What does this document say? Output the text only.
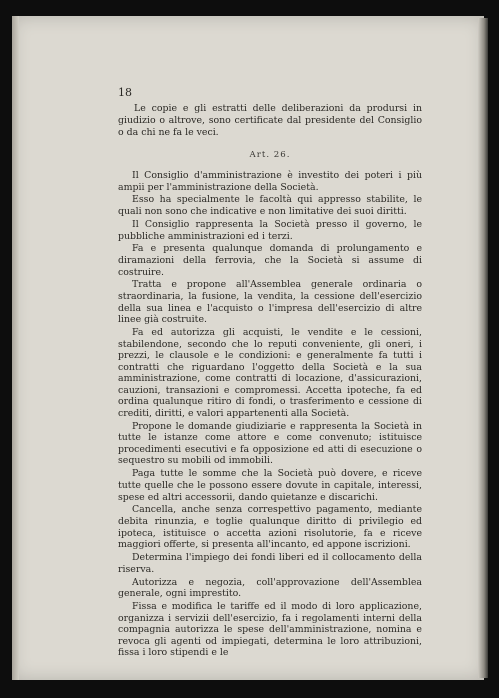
18

Le copie e gli estratti delle deliberazioni da prodursi in giudizio o altrove, sono certificate dal presidente del Consiglio o da chi ne fa le veci.

Art. 26.

Il Consiglio d'amministrazione è investito dei poteri i più ampii per l'amministrazione della Società.

Esso ha specialmente le facoltà qui appresso stabilite, le quali non sono che indicative e non limitative dei suoi diritti.

Il Consiglio rappresenta la Società presso il governo, le pubbliche amministrazioni ed i terzi.

Fa e presenta qualunque domanda di prolungamento e diramazioni della ferrovia, che la Società si assume di costruire.

Tratta e propone all'Assemblea generale ordinaria o straordinaria, la fusione, la vendita, la cessione dell'esercizio della sua linea e l'acquisto o l'impresa dell'esercizio di altre linee già costruite.

Fa ed autorizza gli acquisti, le vendite e le cessioni, stabilendone, secondo che lo reputi conveniente, gli oneri, i prezzi, le clausole e le condizioni: e generalmente fa tutti i contratti che riguardano l'oggetto della Società e la sua amministrazione, come contratti di locazione, d'assicurazioni, cauzioni, transazioni e compromessi. Accetta ipoteche, fa ed ordina qualunque ritiro di fondi, o trasferimento e cessione di crediti, diritti, e valori appartenenti alla Società.

Propone le domande giudiziarie e rappresenta la Società in tutte le istanze come attore e come convenuto; istituisce procedimenti esecutivi e fa opposizione ed atti di esecuzione o sequestro su mobili od immobili.

Paga tutte le somme che la Società può dovere, e riceve tutte quelle che le possono essere dovute in capitale, interessi, spese ed altri accessorii, dando quietanze e discarichi.

Cancella, anche senza correspettivo pagamento, mediante debita rinunzia, e toglie qualunque diritto di privilegio ed ipoteca, istituisce o accetta azioni risolutorie, fa e riceve maggiori offerte, si presenta all'incanto, ed appone iscrizioni.

Determina l'impiego dei fondi liberi ed il collocamento della riserva.

Autorizza e negozia, coll'approvazione dell'Assemblea generale, ogni imprestito.

Fissa e modifica le tariffe ed il modo di loro applicazione, organizza i servizii dell'esercizio, fa i regolamenti interni della compagnia autorizza le spese dell'amministrazione, nomina e revoca gli agenti od impiegati, determina le loro attribuzioni, fissa i loro stipendi e le
